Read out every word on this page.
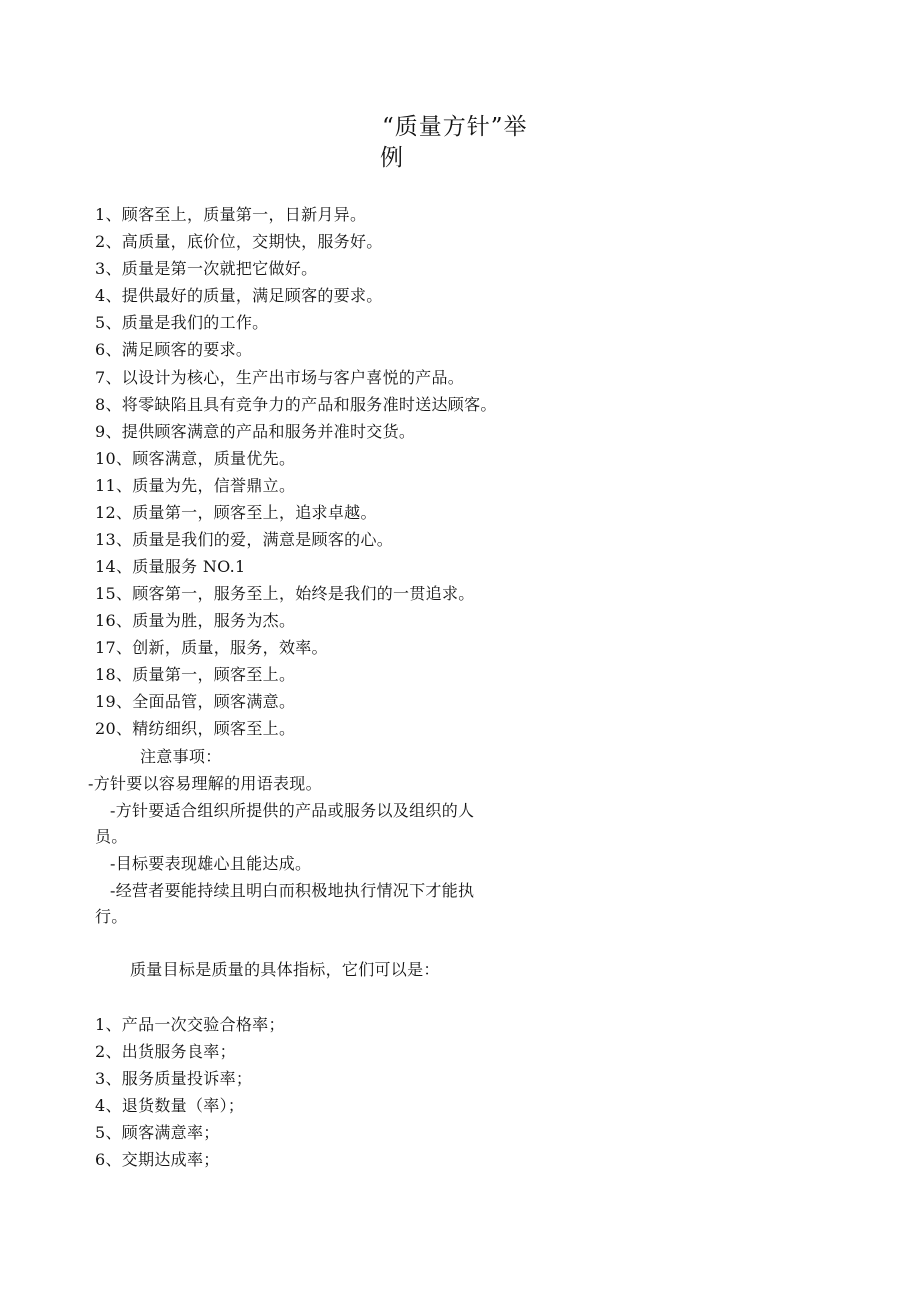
“质量方针”举
例
1、顾客至上，质量第一，日新月异。
2、高质量，底价位，交期快，服务好。
3、质量是第一次就把它做好。
4、提供最好的质量，满足顾客的要求。
5、质量是我们的工作。
6、满足顾客的要求。
7、以设计为核心，生产出市场与客户喜悦的产品。
8、将零缺陷且具有竞争力的产品和服务准时送达顾客。
9、提供顾客满意的产品和服务并准时交货。
10、顾客满意，质量优先。
11、质量为先，信誉鼎立。
12、质量第一，顾客至上，追求卓越。
13、质量是我们的爱，满意是顾客的心。
14、质量服务 NO.1
15、顾客第一，服务至上，始终是我们的一贯追求。
16、质量为胜，服务为杰。
17、创新，质量，服务，效率。
18、质量第一，顾客至上。
19、全面品管，顾客满意。
20、精纺细织，顾客至上。
注意事项：
-方针要以容易理解的用语表现。
-方针要适合组织所提供的产品或服务以及组织的人
员。
-目标要表现雄心且能达成。
-经营者要能持续且明白而积极地执行情况下才能执
行。
质量目标是质量的具体指标，它们可以是：
1、产品一次交验合格率；
2、出货服务良率；
3、服务质量投诉率；
4、退货数量（率）；
5、顾客满意率；
6、交期达成率；
